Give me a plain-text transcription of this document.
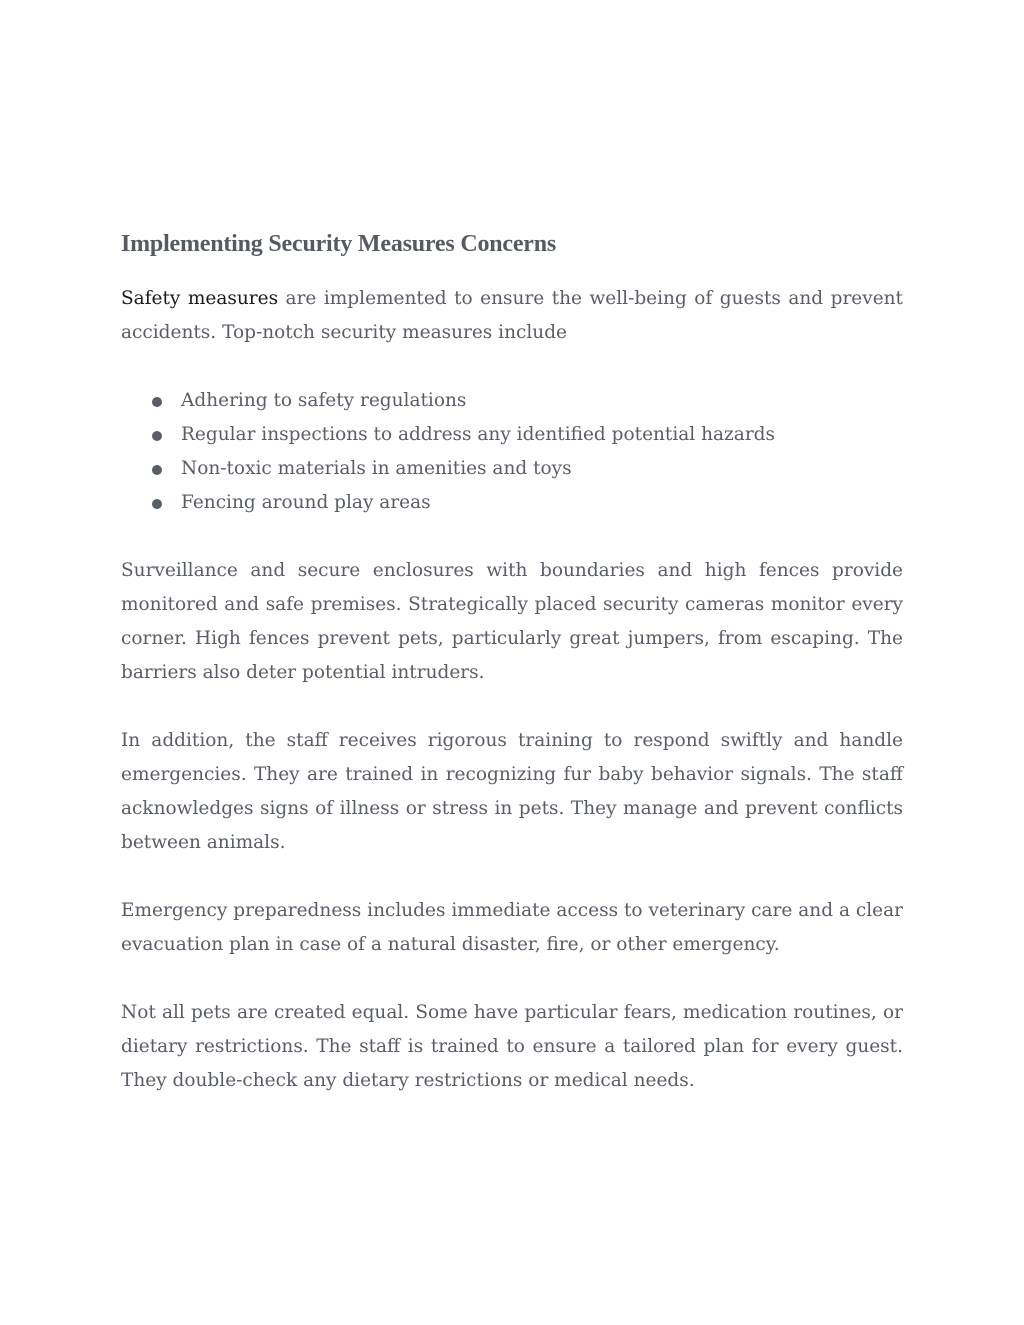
Implementing Security Measures Concerns

Safety measures are implemented to ensure the well-being of guests and prevent accidents. Top-notch security measures include

Adhering to safety regulations
Regular inspections to address any identified potential hazards
Non-toxic materials in amenities and toys
Fencing around play areas

Surveillance and secure enclosures with boundaries and high fences provide monitored and safe premises. Strategically placed security cameras monitor every corner. High fences prevent pets, particularly great jumpers, from escaping. The barriers also deter potential intruders.

In addition, the staff receives rigorous training to respond swiftly and handle emergencies. They are trained in recognizing fur baby behavior signals. The staff acknowledges signs of illness or stress in pets. They manage and prevent conflicts between animals.

Emergency preparedness includes immediate access to veterinary care and a clear evacuation plan in case of a natural disaster, fire, or other emergency.

Not all pets are created equal. Some have particular fears, medication routines, or dietary restrictions. The staff is trained to ensure a tailored plan for every guest. They double-check any dietary restrictions or medical needs.
